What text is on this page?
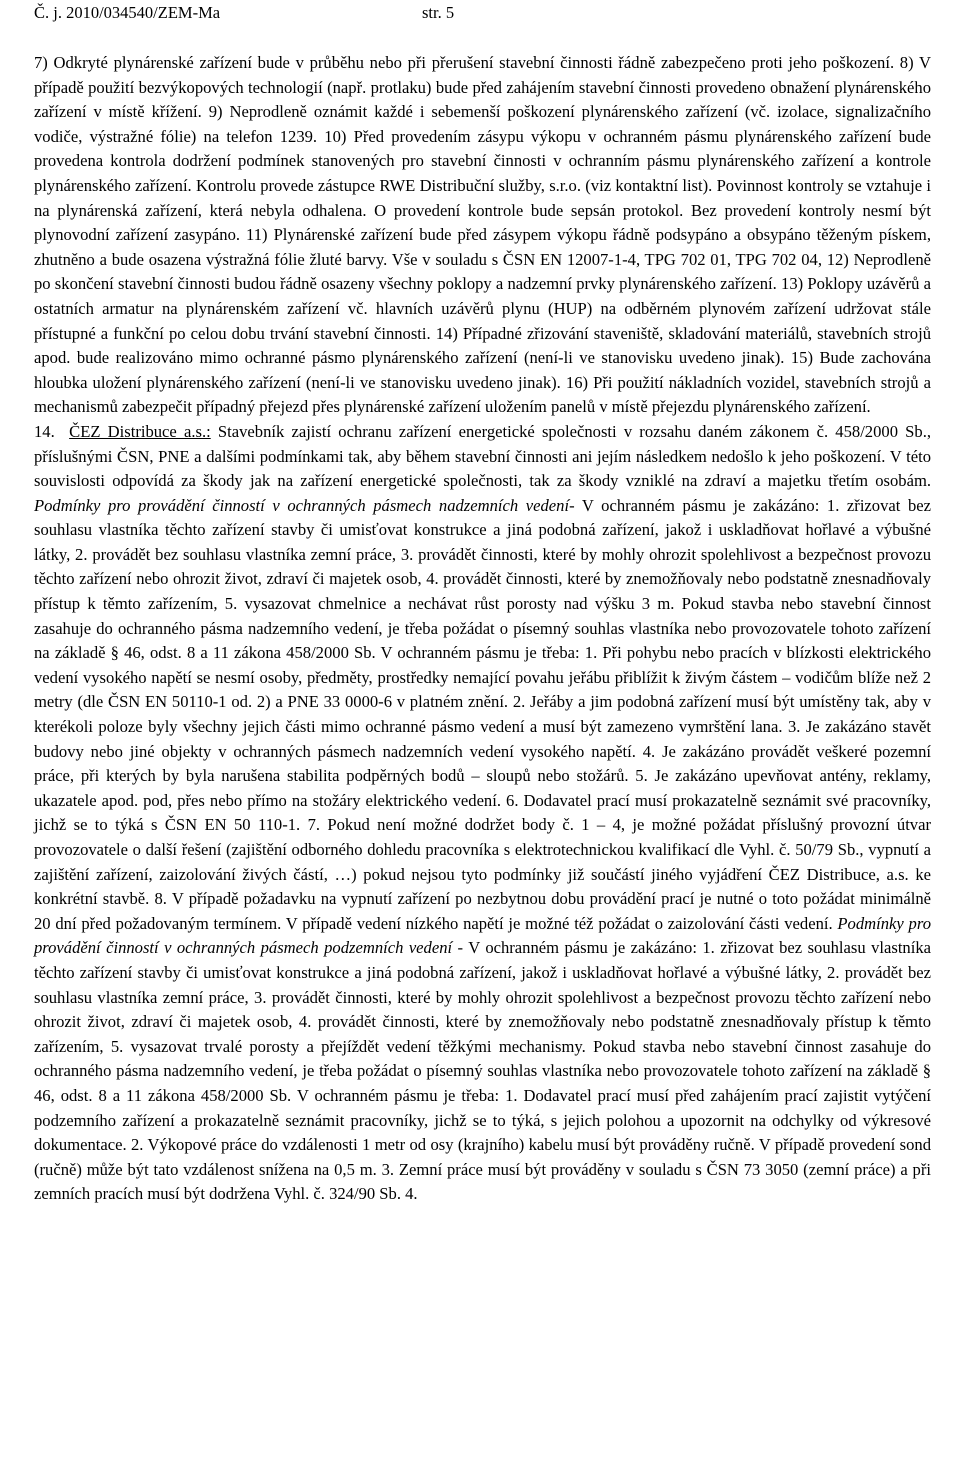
Č. j. 2010/034540/ZEM-Ma	str. 5

7) Odkryté plynárenské zařízení bude v průběhu nebo při přerušení stavební činnosti řádně zabezpečeno proti jeho poškození. 8) V případě použití bezvýkopových technologií (např. protlaku) bude před zahájením stavební činnosti provedeno obnažení plynárenského zařízení v místě křížení. 9) Neprodleně oznámit každé i sebemenší poškození plynárenského zařízení (vč. izolace, signalizačního vodiče, výstražné fólie) na telefon 1239. 10) Před provedením zásypu výkopu v ochranném pásmu plynárenského zařízení bude provedena kontrola dodržení podmínek stanovených pro stavební činnosti v ochranním pásmu plynárenského zařízení a kontrole plynárenského zařízení. Kontrolu provede zástupce RWE Distribuční služby, s.r.o. (viz kontaktní list). Povinnost kontroly se vztahuje i na plynárenská zařízení, která nebyla odhalena. O provedení kontrole bude sepsán protokol. Bez provedení kontroly nesmí být plynovodní zařízení zasypáno. 11) Plynárenské zařízení bude před zásypem výkopu řádně podsypáno a obsypáno těženým pískem, zhutněno a bude osazena výstražná fólie žluté barvy. Vše v souladu s ČSN EN 12007-1-4, TPG 702 01, TPG 702 04, 12) Neprodleně po skončení stavební činnosti budou řádně osazeny všechny poklopy a nadzemní prvky plynárenského zařízení. 13) Poklopy uzávěrů a ostatních armatur na plynárenském zařízení vč. hlavních uzávěrů plynu (HUP) na odběrném plynovém zařízení udržovat stále přístupné a funkční po celou dobu trvání stavební činnosti. 14) Případné zřizování staveniště, skladování materiálů, stavebních strojů apod. bude realizováno mimo ochranné pásmo plynárenského zařízení (není-li ve stanovisku uvedeno jinak). 15) Bude zachována hloubka uložení plynárenského zařízení (není-li ve stanovisku uvedeno jinak). 16) Při použití nákladních vozidel, stavebních strojů a mechanismů zabezpečit případný přejezd přes plynárenské zařízení uložením panelů v místě přejezdu plynárenského zařízení.

14. ČEZ Distribuce a.s.: Stavebník zajistí ochranu zařízení energetické společnosti v rozsahu daném zákonem č. 458/2000 Sb., příslušnými ČSN, PNE a dalšími podmínkami tak, aby během stavební činnosti ani jejím následkem nedošlo k jeho poškození. V této souvislosti odpovídá za škody jak na zařízení energetické společnosti, tak za škody vzniklé na zdraví a majetku třetím osobám. Podmínky pro provádění činností v ochranných pásmech nadzemních vedení- V ochranném pásmu je zakázáno: 1. zřizovat bez souhlasu vlastníka těchto zařízení stavby či umisťovat konstrukce a jiná podobná zařízení, jakož i uskladňovat hořlavé a výbušné látky, 2. provádět bez souhlasu vlastníka zemní práce, 3. provádět činnosti, které by mohly ohrozit spolehlivost a bezpečnost provozu těchto zařízení nebo ohrozit život, zdraví či majetek osob, 4. provádět činnosti, které by znemožňovaly nebo podstatně znesnadňovaly přístup k těmto zařízením, 5. vysazovat chmelnice a nechávat růst porosty nad výšku 3 m. Pokud stavba nebo stavební činnost zasahuje do ochranného pásma nadzemního vedení, je třeba požádat o písemný souhlas vlastníka nebo provozovatele tohoto zařízení na základě § 46, odst. 8 a 11 zákona 458/2000 Sb. V ochranném pásmu je třeba: 1. Při pohybu nebo pracích v blízkosti elektrického vedení vysokého napětí se nesmí osoby, předměty, prostředky nemající povahu jeřábu přiblížit k živým částem – vodičům blíže než 2 metry (dle ČSN EN 50110-1 od. 2) a PNE 33 0000-6 v platném znění. 2. Jeřáby a jim podobná zařízení musí být umístěny tak, aby v kterékoli poloze byly všechny jejich části mimo ochranné pásmo vedení a musí být zamezeno vymrštění lana. 3. Je zakázáno stavět budovy nebo jiné objekty v ochranných pásmech nadzemních vedení vysokého napětí. 4. Je zakázáno provádět veškeré pozemní práce, při kterých by byla narušena stabilita podpěrných bodů – sloupů nebo stožárů. 5. Je zakázáno upevňovat antény, reklamy, ukazatele apod. pod, přes nebo přímo na stožáry elektrického vedení. 6. Dodavatel prací musí prokazatelně seznámit své pracovníky, jichž se to týká s ČSN EN 50 110-1. 7. Pokud není možné dodržet body č. 1 – 4, je možné požádat příslušný provozní útvar provozovatele o další řešení (zajištění odborného dohledu pracovníka s elektrotechnickou kvalifikací dle Vyhl. č. 50/79 Sb., vypnutí a zajištění zařízení, zaizolování živých částí, …) pokud nejsou tyto podmínky již součástí jiného vyjádření ČEZ Distribuce, a.s. ke konkrétní stavbě. 8. V případě požadavku na vypnutí zařízení po nezbytnou dobu provádění prací je nutné o toto požádat minimálně 20 dní před požadovaným termínem. V případě vedení nízkého napětí je možné též požádat o zaizolování části vedení. Podmínky pro provádění činností v ochranných pásmech podzemních vedení - V ochranném pásmu je zakázáno: 1. zřizovat bez souhlasu vlastníka těchto zařízení stavby či umisťovat konstrukce a jiná podobná zařízení, jakož i uskladňovat hořlavé a výbušné látky, 2. provádět bez souhlasu vlastníka zemní práce, 3. provádět činnosti, které by mohly ohrozit spolehlivost a bezpečnost provozu těchto zařízení nebo ohrozit život, zdraví či majetek osob, 4. provádět činnosti, které by znemožňovaly nebo podstatně znesnadňovaly přístup k těmto zařízením, 5. vysazovat trvalé porosty a přejíždět vedení těžkými mechanismy. Pokud stavba nebo stavební činnost zasahuje do ochranného pásma nadzemního vedení, je třeba požádat o písemný souhlas vlastníka nebo provozovatele tohoto zařízení na základě § 46, odst. 8 a 11 zákona 458/2000 Sb. V ochranném pásmu je třeba: 1. Dodavatel prací musí před zahájením prací zajistit vytýčení podzemního zařízení a prokazatelně seznámit pracovníky, jichž se to týká, s jejich polohou a upozornit na odchylky od výkresové dokumentace. 2. Výkopové práce do vzdálenosti 1 metr od osy (krajního) kabelu musí být prováděny ručně. V případě provedení sond (ručně) může být tato vzdálenost snížena na 0,5 m. 3. Zemní práce musí být prováděny v souladu s ČSN 73 3050 (zemní práce) a při zemních pracích musí být dodržena Vyhl. č. 324/90 Sb. 4.
